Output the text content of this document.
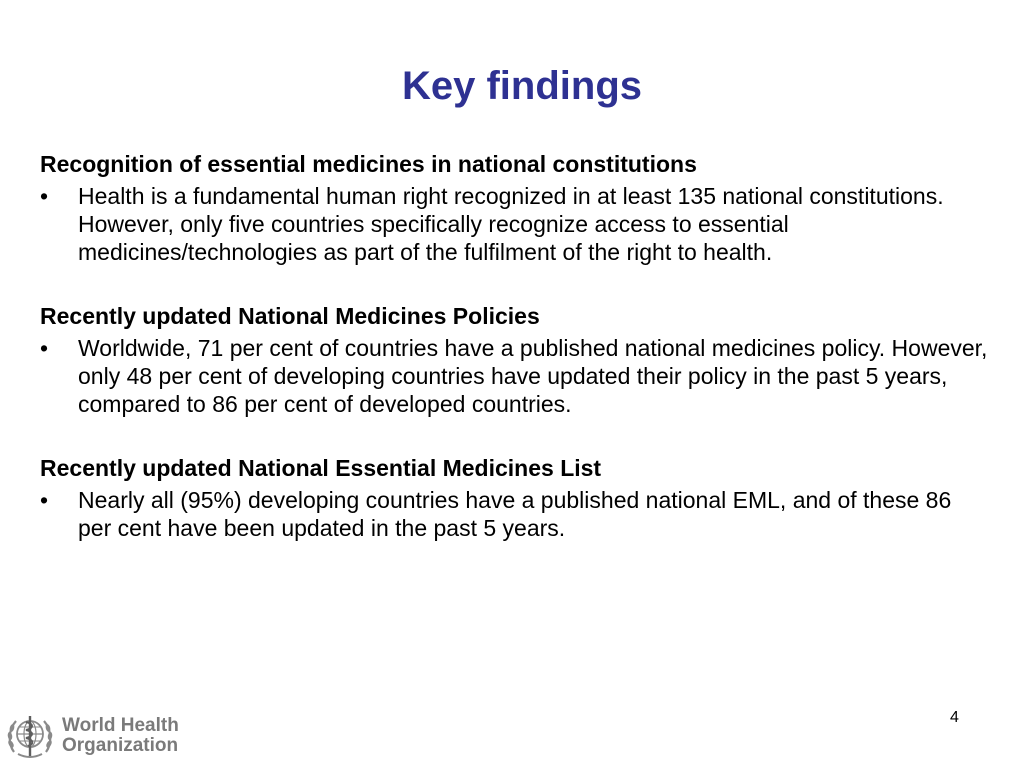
Key findings

Recognition of essential medicines in national constitutions

•	Health is a fundamental human right recognized in at least 135 national constitutions. However, only five countries specifically recognize access to essential medicines/technologies as part of the fulfilment of the right to health.

Recently updated National Medicines Policies

•	Worldwide, 71 per cent of countries have a published national medicines policy. However, only 48 per cent of developing countries have updated their policy in the past 5 years, compared to 86 per cent of developed countries.

Recently updated National Essential Medicines List

•	Nearly all (95%) developing countries have a published national EML, and of these 86 per cent have been updated in the past 5 years.
World Health
Organization
4
